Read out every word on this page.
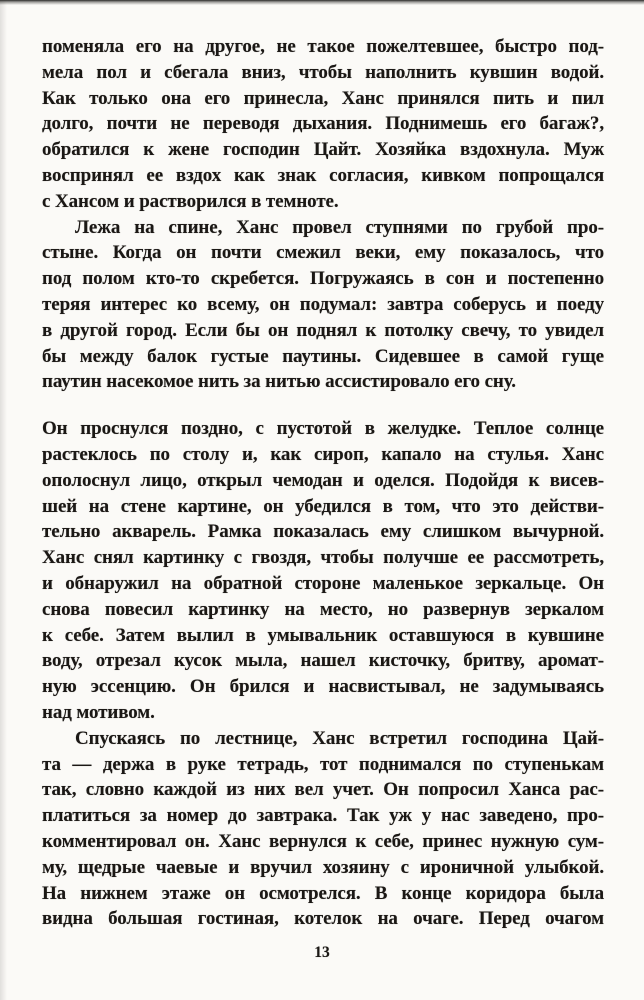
поменяла его на другое, не такое пожелтевшее, быстро под-
мела пол и сбегала вниз, чтобы наполнить кувшин водой.
Как только она его принесла, Ханс принялся пить и пил
долго, почти не переводя дыхания. Поднимешь его багаж?,
обратился к жене господин Цайт. Хозяйка вздохнула. Муж
воспринял ее вздох как знак согласия, кивком попрощался
с Хансом и растворился в темноте.
Лежа на спине, Ханс провел ступнями по грубой про-
стыне. Когда он почти смежил веки, ему показалось, что
под полом кто-то скребется. Погружаясь в сон и постепенно
теряя интерес ко всему, он подумал: завтра соберусь и поеду
в другой город. Если бы он поднял к потолку свечу, то увидел
бы между балок густые паутины. Сидевшее в самой гуще
паутин насекомое нить за нитью ассистировало его сну.
Он проснулся поздно, с пустотой в желудке. Теплое солнце
растеклось по столу и, как сироп, капало на стулья. Ханс
ополоснул лицо, открыл чемодан и оделся. Подойдя к висев-
шей на стене картине, он убедился в том, что это действи-
тельно акварель. Рамка показалась ему слишком вычурной.
Ханс снял картинку с гвоздя, чтобы получше ее рассмотреть,
и обнаружил на обратной стороне маленькое зеркальце. Он
снова повесил картинку на место, но развернув зеркалом
к себе. Затем вылил в умывальник оставшуюся в кувшине
воду, отрезал кусок мыла, нашел кисточку, бритву, аромат-
ную эссенцию. Он брился и насвистывал, не задумываясь
над мотивом.
Спускаясь по лестнице, Ханс встретил господина Цай-
та — держа в руке тетрадь, тот поднимался по ступенькам
так, словно каждой из них вел учет. Он попросил Ханса рас-
платиться за номер до завтрака. Так уж у нас заведено, про-
комментировал он. Ханс вернулся к себе, принес нужную сум-
му, щедрые чаевые и вручил хозяину с ироничной улыбкой.
На нижнем этаже он осмотрелся. В конце коридора была
видна большая гостиная, котелок на очаге. Перед очагом
13
